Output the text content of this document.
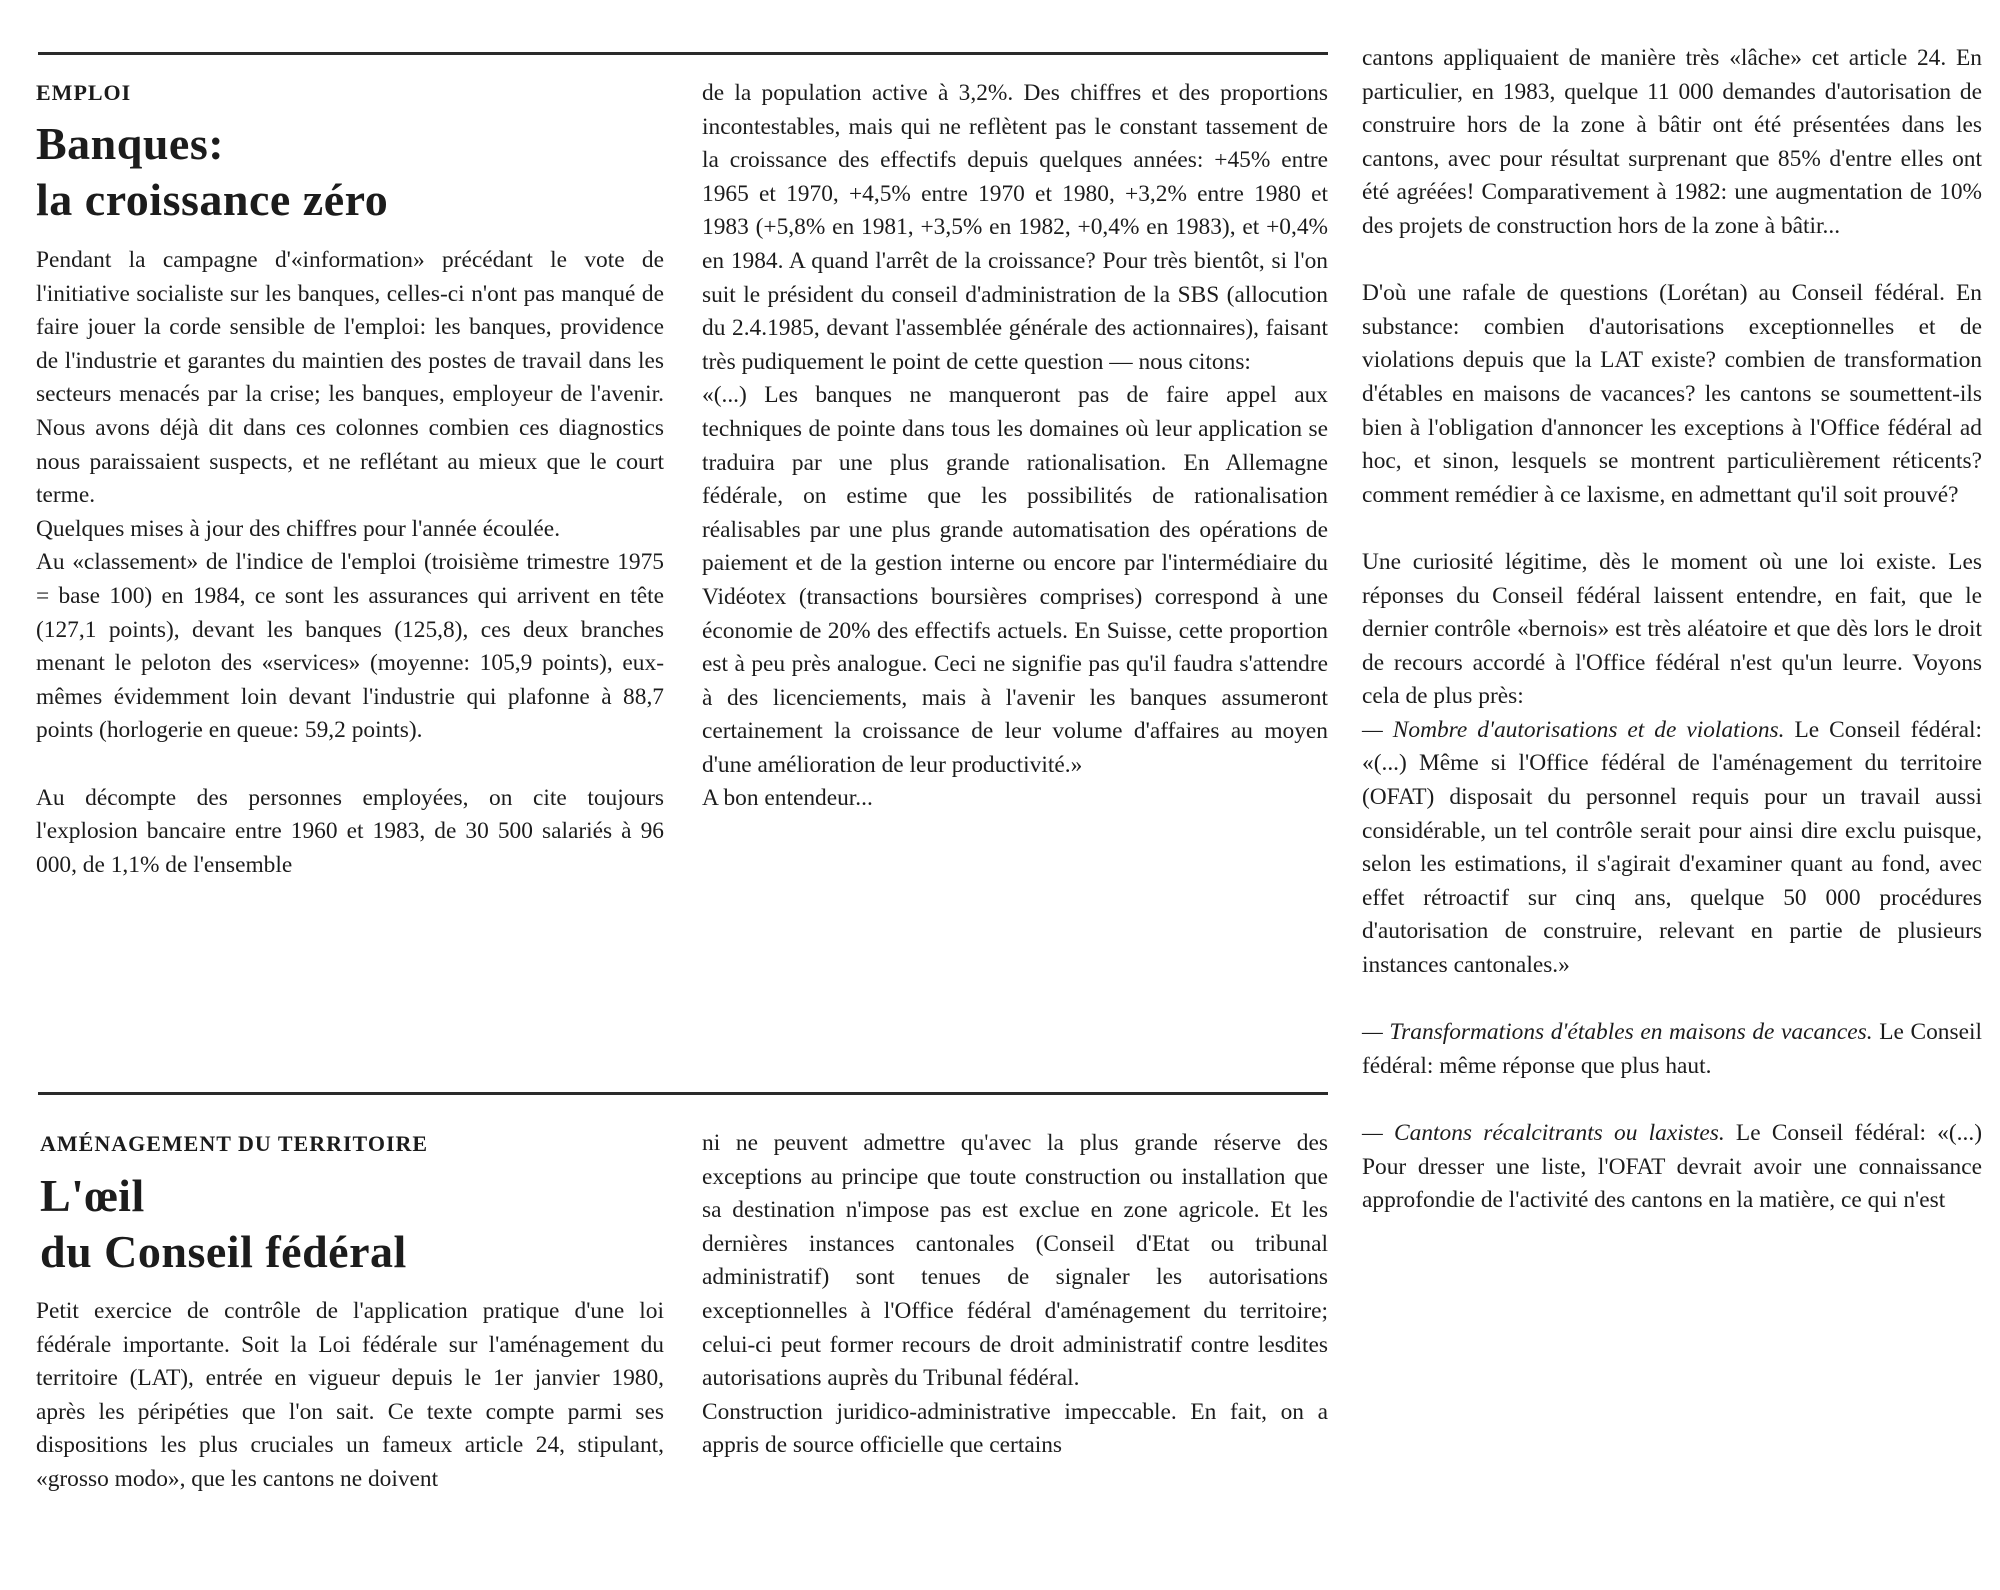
EMPLOI
Banques:
la croissance zéro

Pendant la campagne d'«information» précédant le vote de l'initiative socialiste sur les banques, celles-ci n'ont pas manqué de faire jouer la corde sensible de l'emploi: les banques, providence de l'industrie et garantes du maintien des postes de travail dans les secteurs menacés par la crise; les banques, employeur de l'avenir. Nous avons déjà dit dans ces colonnes combien ces diagnostics nous paraissaient suspects, et ne reflétant au mieux que le court terme.

Quelques mises à jour des chiffres pour l'année écoulée.

Au «classement» de l'indice de l'emploi (troisième trimestre 1975 = base 100) en 1984, ce sont les assurances qui arrivent en tête (127,1 points), devant les banques (125,8), ces deux branches menant le peloton des «services» (moyenne: 105,9 points), eux-mêmes évidemment loin devant l'industrie qui plafonne à 88,7 points (horlogerie en queue: 59,2 points).

Au décompte des personnes employées, on cite toujours l'explosion bancaire entre 1960 et 1983, de 30 500 salariés à 96 000, de 1,1% de l'ensemble

de la population active à 3,2%. Des chiffres et des proportions incontestables, mais qui ne reflètent pas le constant tassement de la croissance des effectifs depuis quelques années: +45% entre 1965 et 1970, +4,5% entre 1970 et 1980, +3,2% entre 1980 et 1983 (+5,8% en 1981, +3,5% en 1982, +0,4% en 1983), et +0,4% en 1984. A quand l'arrêt de la croissance? Pour très bientôt, si l'on suit le président du conseil d'administration de la SBS (allocution du 2.4.1985, devant l'assemblée générale des actionnaires), faisant très pudiquement le point de cette question — nous citons:

«(...) Les banques ne manqueront pas de faire appel aux techniques de pointe dans tous les domaines où leur application se traduira par une plus grande rationalisation. En Allemagne fédérale, on estime que les possibilités de rationalisation réalisables par une plus grande automatisation des opérations de paiement et de la gestion interne ou encore par l'intermédiaire du Vidéotex (transactions boursières comprises) correspond à une économie de 20% des effectifs actuels. En Suisse, cette proportion est à peu près analogue. Ceci ne signifie pas qu'il faudra s'attendre à des licenciements, mais à l'avenir les banques assumeront certainement la croissance de leur volume d'affaires au moyen d'une amélioration de leur productivité.»

A bon entendeur...

AMÉNAGEMENT DU TERRITOIRE
L'œil
du Conseil fédéral

Petit exercice de contrôle de l'application pratique d'une loi fédérale importante. Soit la Loi fédérale sur l'aménagement du territoire (LAT), entrée en vigueur depuis le 1er janvier 1980, après les péripéties que l'on sait. Ce texte compte parmi ses dispositions les plus cruciales un fameux article 24, stipulant, «grosso modo», que les cantons ne doivent

ni ne peuvent admettre qu'avec la plus grande réserve des exceptions au principe que toute construction ou installation que sa destination n'impose pas est exclue en zone agricole. Et les dernières instances cantonales (Conseil d'Etat ou tribunal administratif) sont tenues de signaler les autorisations exceptionnelles à l'Office fédéral d'aménagement du territoire; celui-ci peut former recours de droit administratif contre lesdites autorisations auprès du Tribunal fédéral.

Construction juridico-administrative impeccable. En fait, on a appris de source officielle que certains

cantons appliquaient de manière très «lâche» cet article 24. En particulier, en 1983, quelque 11 000 demandes d'autorisation de construire hors de la zone à bâtir ont été présentées dans les cantons, avec pour résultat surprenant que 85% d'entre elles ont été agréées! Comparativement à 1982: une augmentation de 10% des projets de construction hors de la zone à bâtir...

D'où une rafale de questions (Lorétan) au Conseil fédéral. En substance: combien d'autorisations exceptionnelles et de violations depuis que la LAT existe? combien de transformation d'étables en maisons de vacances? les cantons se soumettent-ils bien à l'obligation d'annoncer les exceptions à l'Office fédéral ad hoc, et sinon, lesquels se montrent particulièrement réticents? comment remédier à ce laxisme, en admettant qu'il soit prouvé?

Une curiosité légitime, dès le moment où une loi existe. Les réponses du Conseil fédéral laissent entendre, en fait, que le dernier contrôle «bernois» est très aléatoire et que dès lors le droit de recours accordé à l'Office fédéral n'est qu'un leurre. Voyons cela de plus près:

— Nombre d'autorisations et de violations. Le Conseil fédéral: «(...) Même si l'Office fédéral de l'aménagement du territoire (OFAT) disposait du personnel requis pour un travail aussi considérable, un tel contrôle serait pour ainsi dire exclu puisque, selon les estimations, il s'agirait d'examiner quant au fond, avec effet rétroactif sur cinq ans, quelque 50 000 procédures d'autorisation de construire, relevant en partie de plusieurs instances cantonales.»

— Transformations d'étables en maisons de vacances. Le Conseil fédéral: même réponse que plus haut.

— Cantons récalcitrants ou laxistes. Le Conseil fédéral: «(...) Pour dresser une liste, l'OFAT devrait avoir une connaissance approfondie de l'activité des cantons en la matière, ce qui n'est
